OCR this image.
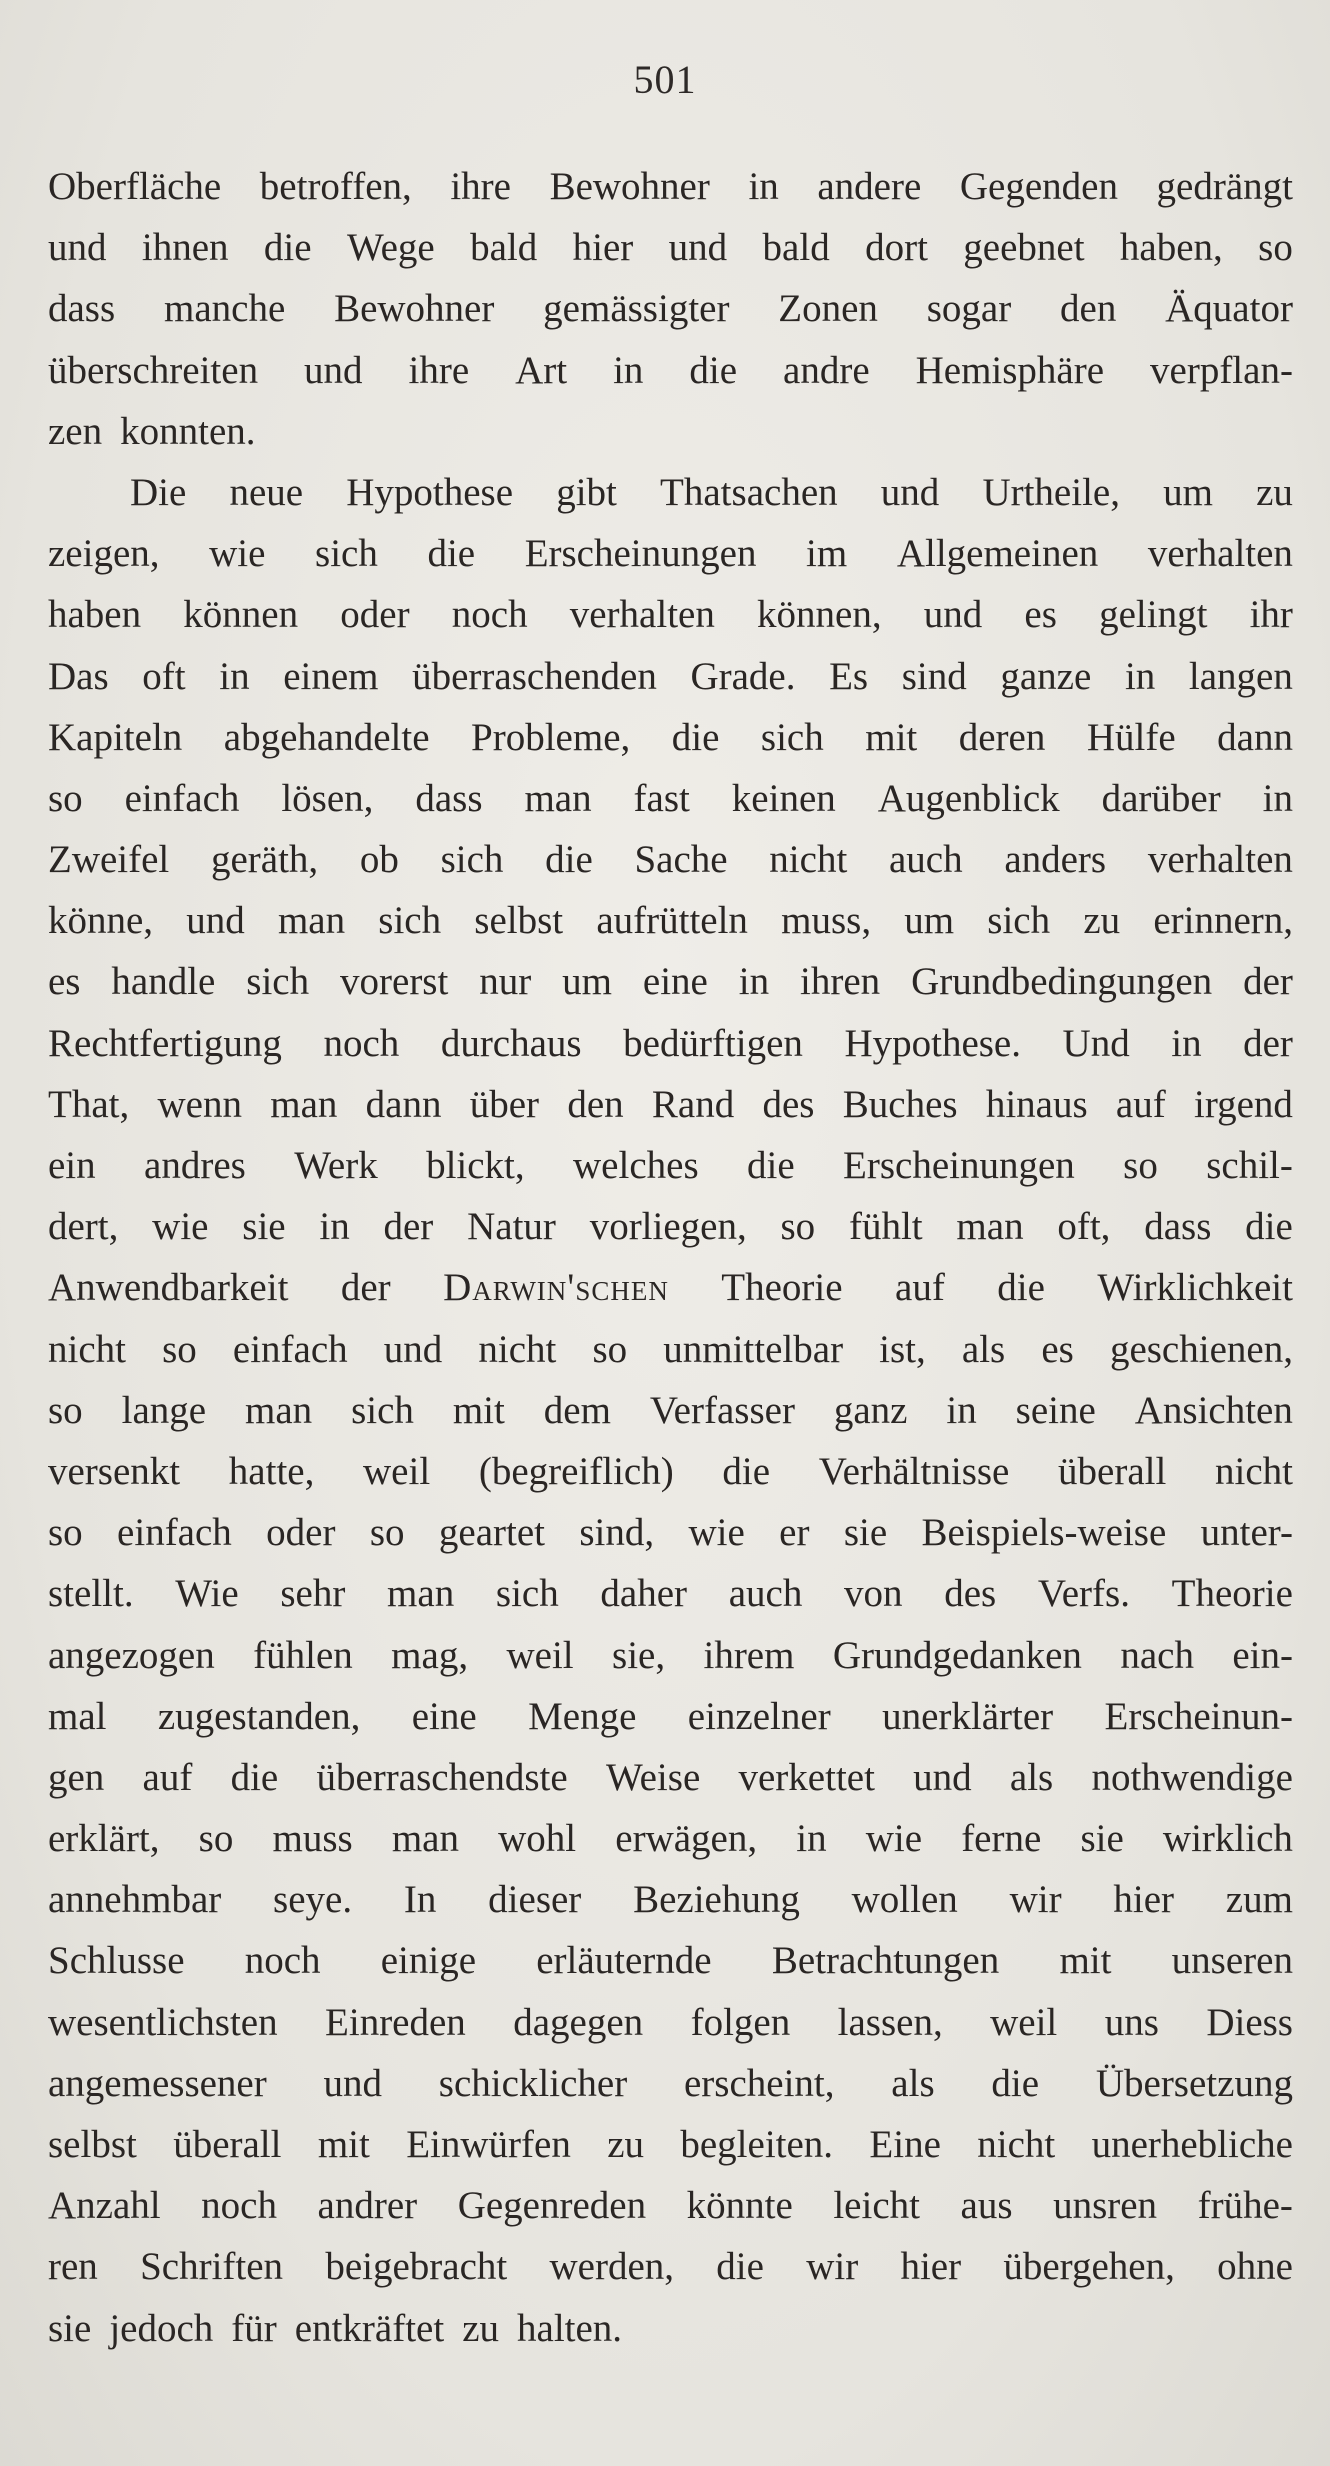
501
Oberfläche betroffen, ihre Bewohner in andere Gegenden gedrängt
und ihnen die Wege bald hier und bald dort geebnet haben, so
dass manche Bewohner gemässigter Zonen sogar den Äquator
überschreiten und ihre Art in die andre Hemisphäre verpflan-
zen konnten.
Die neue Hypothese gibt Thatsachen und Urtheile, um zu
zeigen, wie sich die Erscheinungen im Allgemeinen verhalten
haben können oder noch verhalten können, und es gelingt ihr
Das oft in einem überraschenden Grade. Es sind ganze in langen
Kapiteln abgehandelte Probleme, die sich mit deren Hülfe dann
so einfach lösen, dass man fast keinen Augenblick darüber in
Zweifel geräth, ob sich die Sache nicht auch anders verhalten
könne, und man sich selbst aufrütteln muss, um sich zu erinnern,
es handle sich vorerst nur um eine in ihren Grundbedingungen der
Rechtfertigung noch durchaus bedürftigen Hypothese. Und in der
That, wenn man dann über den Rand des Buches hinaus auf irgend
ein andres Werk blickt, welches die Erscheinungen so schil-
dert, wie sie in der Natur vorliegen, so fühlt man oft, dass die
Anwendbarkeit der Darwin'schen Theorie auf die Wirklichkeit
nicht so einfach und nicht so unmittelbar ist, als es geschienen,
so lange man sich mit dem Verfasser ganz in seine Ansichten
versenkt hatte, weil (begreiflich) die Verhältnisse überall nicht
so einfach oder so geartet sind, wie er sie Beispiels-weise unter-
stellt. Wie sehr man sich daher auch von des Verfs. Theorie
angezogen fühlen mag, weil sie, ihrem Grundgedanken nach ein-
mal zugestanden, eine Menge einzelner unerklärter Erscheinun-
gen auf die überraschendste Weise verkettet und als nothwendige
erklärt, so muss man wohl erwägen, in wie ferne sie wirklich
annehmbar seye. In dieser Beziehung wollen wir hier zum
Schlusse noch einige erläuternde Betrachtungen mit unseren
wesentlichsten Einreden dagegen folgen lassen, weil uns Diess
angemessener und schicklicher erscheint, als die Übersetzung
selbst überall mit Einwürfen zu begleiten. Eine nicht unerhebliche
Anzahl noch andrer Gegenreden könnte leicht aus unsren frühe-
ren Schriften beigebracht werden, die wir hier übergehen, ohne
sie jedoch für entkräftet zu halten.
